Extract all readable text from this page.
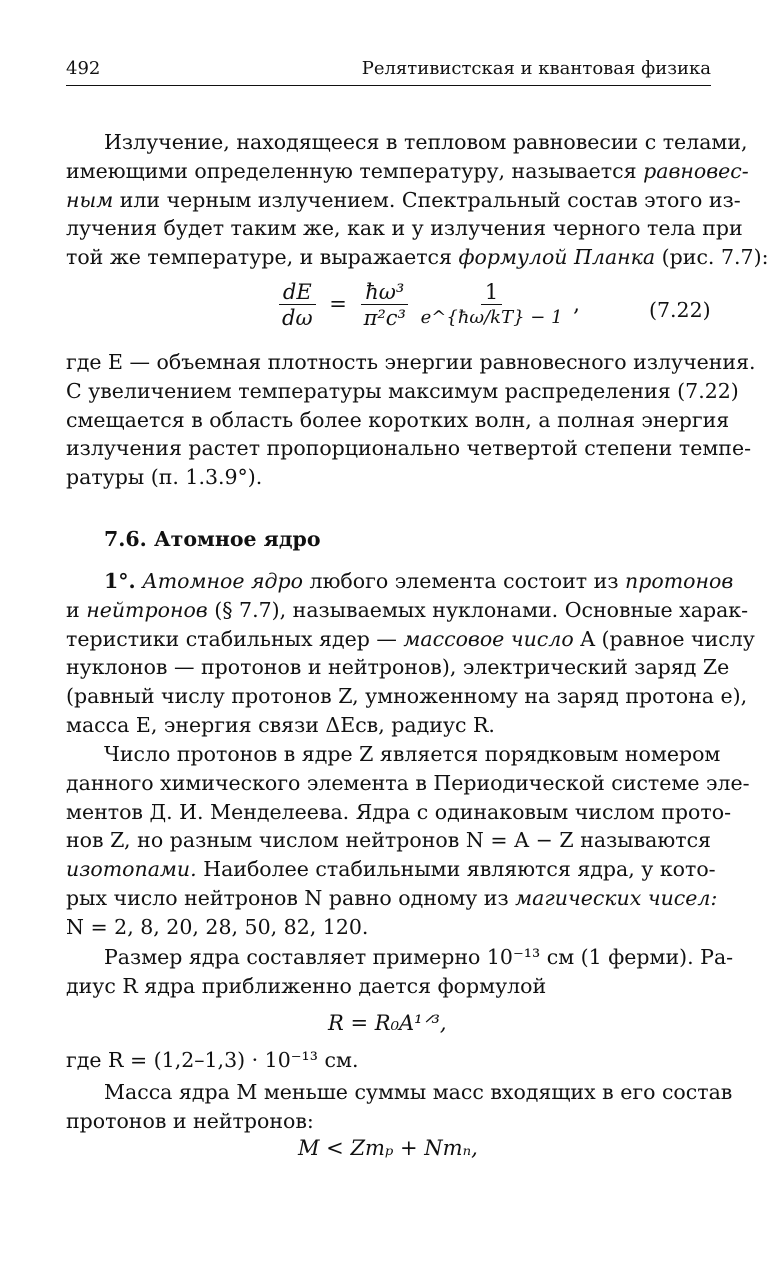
492	Релятивистская и квантовая физика
Излучение, находящееся в тепловом равновесии с телами,
имеющими определенную температуру, называется равновес-
ным или черным излучением. Спектральный состав этого из-
лучения будет таким же, как и у излучения черного тела при
той же температуре, и выражается формулой Планка (рис. 7.7):
$\frac{dE}{d\omega} = \frac{\text{ħω³}}{\text{π²c³}}$
$\frac{1}{e\^{}\{ħ\omega/kT\} - 1}$ ,	(7.22)
где E — объемная плотность энергии равновесного излучения.
С увеличением температуры максимум распределения (7.22)
смещается в область более коротких волн, а полная энергия
излучения растет пропорционально четвертой степени темпе-
ратуры (п. 1.3.9°).
7.6. Атомное ядро
1°. Атомное ядро любого элемента состоит из протонов
и нейтронов (§ 7.7), называемых нуклонами. Основные харак-
теристики стабильных ядер — массовое число A (равное числу
нуклонов — протонов и нейтронов), электрический заряд Ze
(равный числу протонов Z, умноженному на заряд протона e),
масса E, энергия связи ΔEсв, радиус R.
Число протонов в ядре Z является порядковым номером
данного химического элемента в Периодической системе эле-
ментов Д. И. Менделеева. Ядра с одинаковым числом прото-
нов Z, но разным числом нейтронов N = A − Z называются
изотопами. Наиболее стабильными являются ядра, у кото-
рых число нейтронов N равно одному из магических чисел:
N = 2, 8, 20, 28, 50, 82, 120.
Размер ядра составляет примерно 10⁻¹³ см (1 ферми). Ра-
диус R ядра приближенно дается формулой
R = R₀A¹ᐟ³,
где R = (1,2–1,3) · 10⁻¹³ см.
Масса ядра M меньше суммы масс входящих в его состав
протонов и нейтронов:
M < Zmₚ + Nmₙ,
